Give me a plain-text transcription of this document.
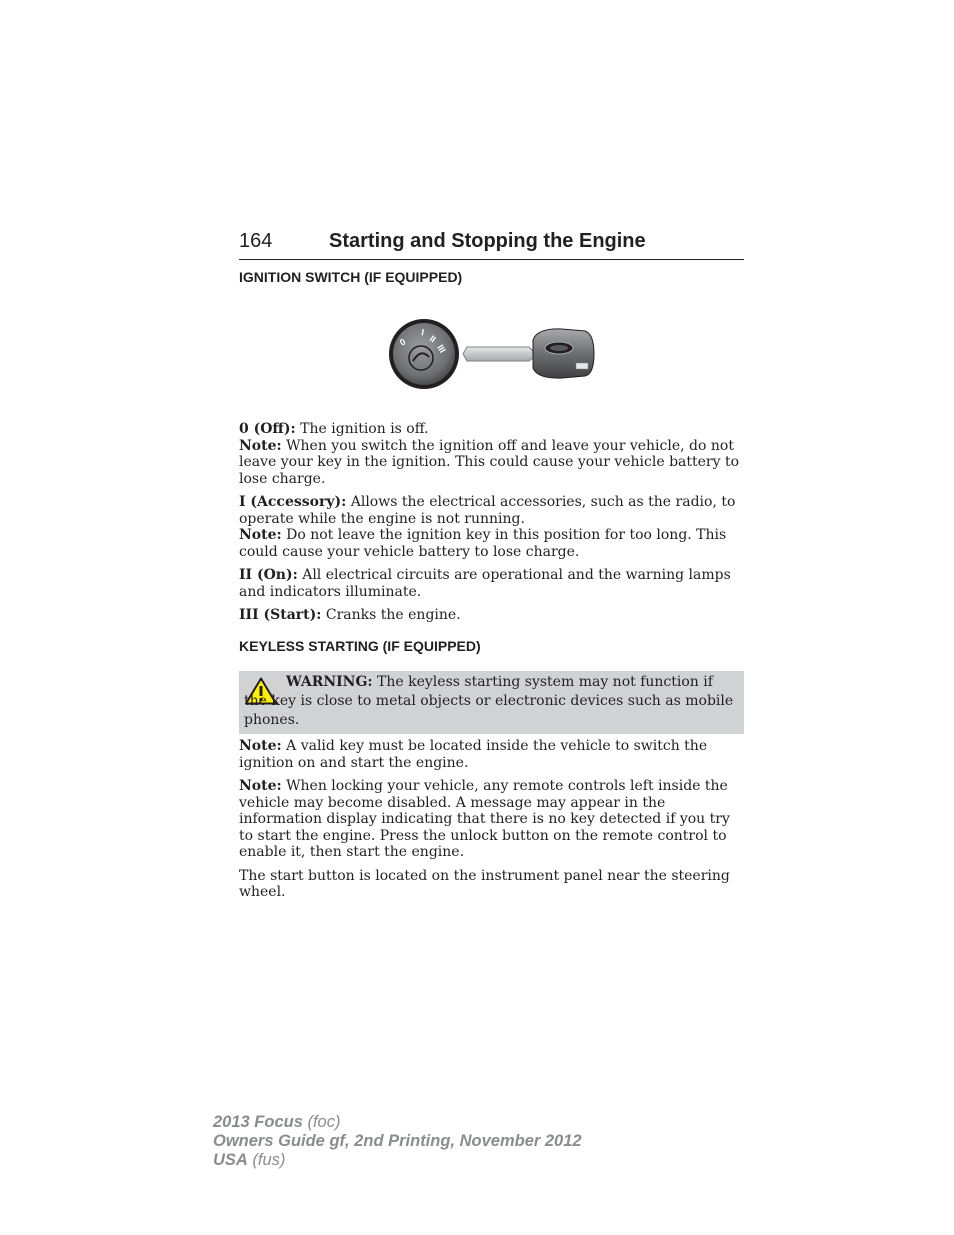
164	Starting and Stopping the Engine
IGNITION SWITCH (IF EQUIPPED)
0
I
II
III

0 (Off): The ignition is off.

Note: When you switch the ignition off and leave your vehicle, do not leave your key in the ignition. This could cause your vehicle battery to lose charge.

I (Accessory): Allows the electrical accessories, such as the radio, to operate while the engine is not running.

Note: Do not leave the ignition key in this position for too long. This could cause your vehicle battery to lose charge.

II (On): All electrical circuits are operational and the warning lamps and indicators illuminate.

III (Start): Cranks the engine.

KEYLESS STARTING (IF EQUIPPED)

WARNING: The keyless starting system may not function if the key is close to metal objects or electronic devices such as mobile phones.

Note: A valid key must be located inside the vehicle to switch the ignition on and start the engine.

Note: When locking your vehicle, any remote controls left inside the vehicle may become disabled. A message may appear in the information display indicating that there is no key detected if you try to start the engine. Press the unlock button on the remote control to enable it, then start the engine.

The start button is located on the instrument panel near the steering wheel.

2013 Focus (foc)
Owners Guide gf, 2nd Printing, November 2012
USA (fus)
